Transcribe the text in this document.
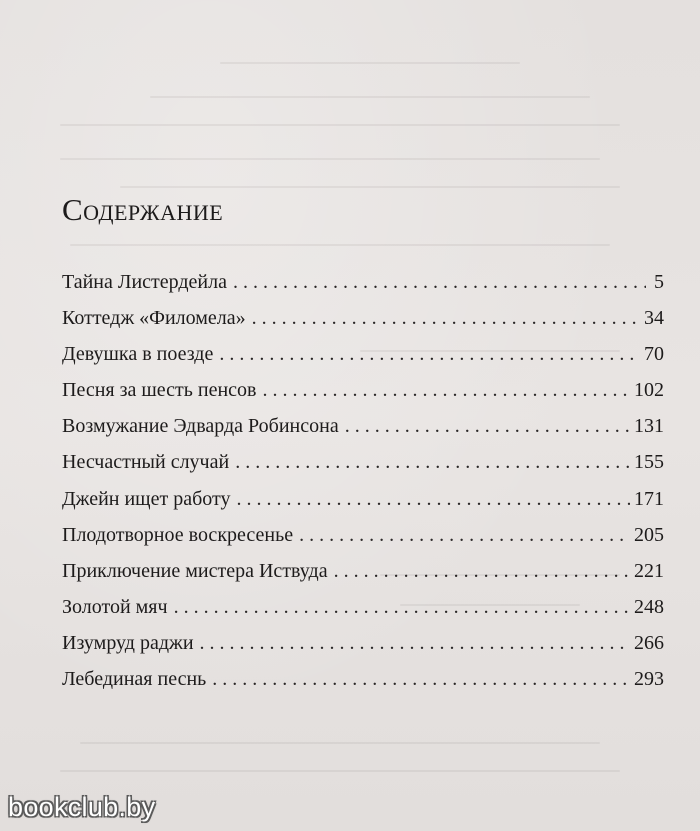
Содержание
Тайна Листердейла . . .	5
Коттедж «Филомела» . . .	34
Девушка в поезде . . .	70
Песня за шесть пенсов . . .	102
Возмужание Эдварда Робинсона . . .	131
Несчастный случай . . .	155
Джейн ищет работу . . .	171
Плодотворное воскресенье . . .	205
Приключение мистера Иствуда . . .	221
Золотой мяч . . .	248
Изумруд раджи . . .	266
Лебединая песнь . . .	293
bookclub.by
